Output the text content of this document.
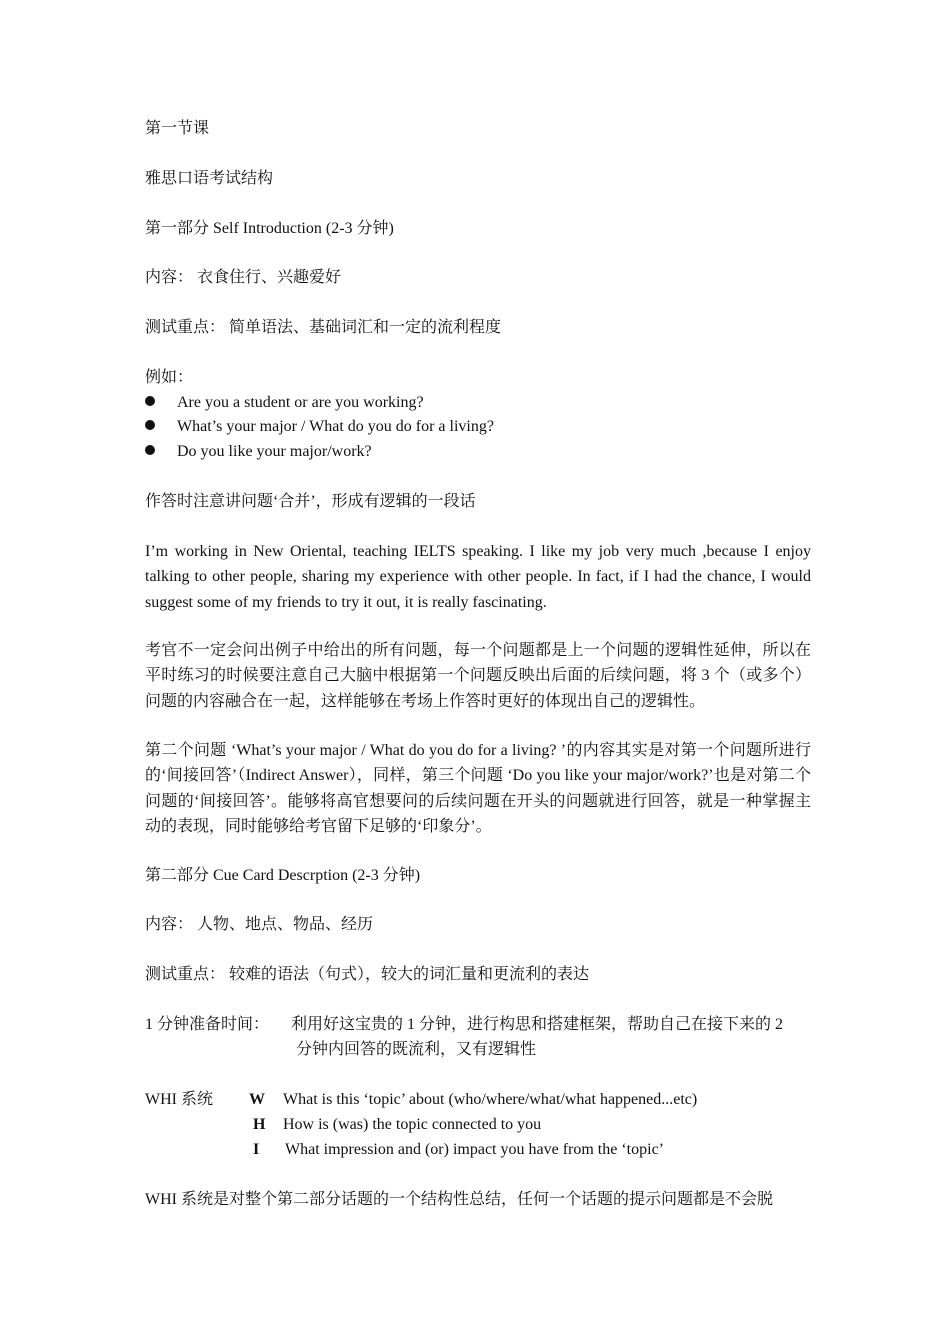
第一节课
雅思口语考试结构
第一部分 Self Introduction (2-3 分钟)
内容： 衣食住行、兴趣爱好
测试重点： 简单语法、基础词汇和一定的流利程度
例如：
Are you a student or are you working?
What’s your major / What do you do for a living?
Do you like your major/work?
作答时注意讲问题‘合并’，形成有逻辑的一段话
I’m working in New Oriental, teaching IELTS speaking. I like my job very much ,because I enjoy talking to other people, sharing my experience with other people. In fact, if I had the chance, I would suggest some of my friends to try it out, it is really fascinating.
考官不一定会问出例子中给出的所有问题，每一个问题都是上一个问题的逻辑性延伸，所以在平时练习的时候要注意自己大脑中根据第一个问题反映出后面的后续问题，将 3 个（或多个）问题的内容融合在一起，这样能够在考场上作答时更好的体现出自己的逻辑性。
第二个问题 ‘What’s your major / What do you do for a living? ’的内容其实是对第一个问题所进行的‘间接回答’（Indirect Answer），同样，第三个问题 ‘Do you like your major/work?’也是对第二个问题的‘间接回答’。能够将高官想要问的后续问题在开头的问题就进行回答，就是一种掌握主动的表现，同时能够给考官留下足够的‘印象分’。
第二部分 Cue Card Descrption (2-3 分钟)
内容： 人物、地点、物品、经历
测试重点： 较难的语法（句式），较大的词汇量和更流利的表达
1 分钟准备时间： 利用好这宝贵的 1 分钟，进行构思和搭建框架，帮助自己在接下来的 2
分钟内回答的既流利，又有逻辑性
WHI 系统 W What is this ‘topic’ about (who/where/what/what happened...etc)
H How is (was) the topic connected to you
I What impression and (or) impact you have from the ‘topic’
WHI 系统是对整个第二部分话题的一个结构性总结，任何一个话题的提示问题都是不会脱
